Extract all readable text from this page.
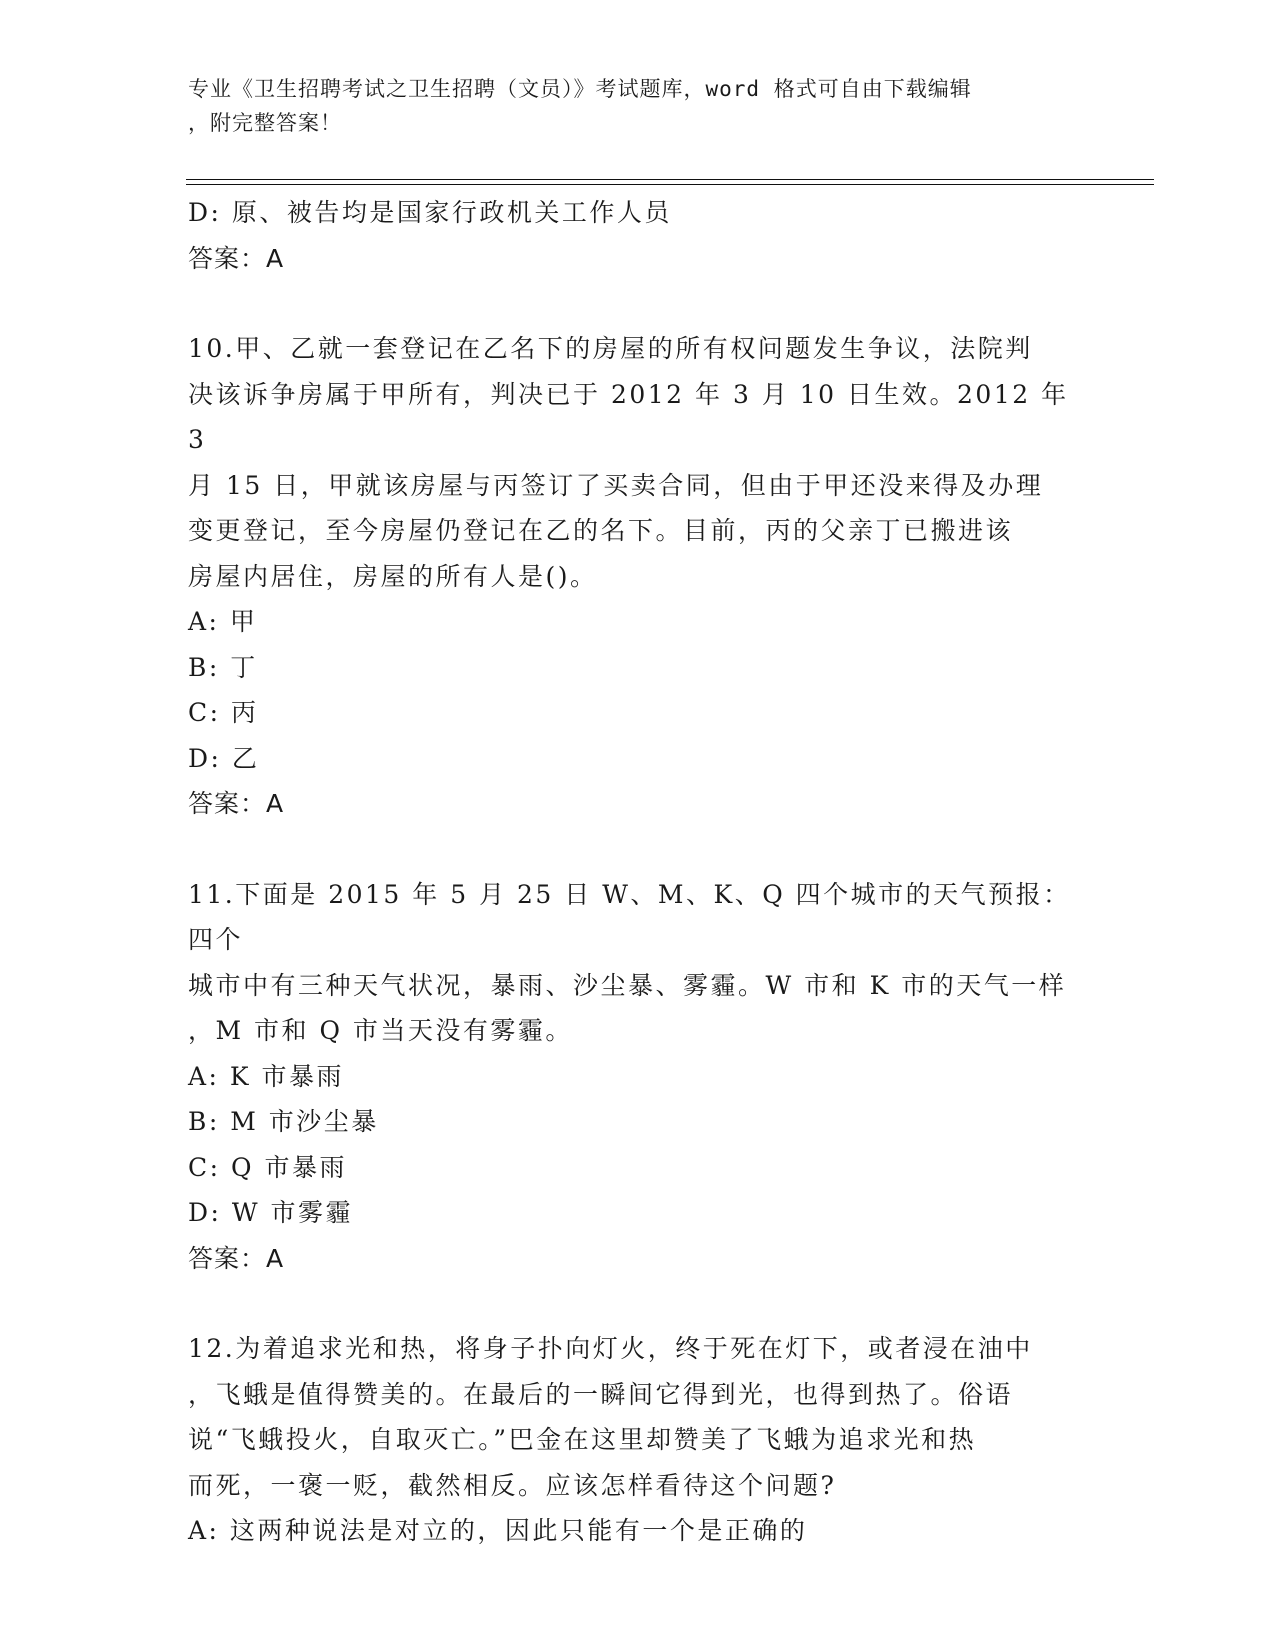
专业《卫生招聘考试之卫生招聘（文员）》考试题库，word 格式可自由下载编辑
，附完整答案！

D: 原、被告均是国家行政机关工作人员

答案：A

10.甲、乙就一套登记在乙名下的房屋的所有权问题发生争议，法院判

决该诉争房属于甲所有，判决已于 2012 年 3 月 10 日生效。2012 年 3

月 15 日，甲就该房屋与丙签订了买卖合同，但由于甲还没来得及办理

变更登记，至今房屋仍登记在乙的名下。目前，丙的父亲丁已搬进该

房屋内居住，房屋的所有人是()。

A: 甲

B: 丁

C: 丙

D: 乙

答案：A

11.下面是 2015 年 5 月 25 日 W、M、K、Q 四个城市的天气预报：四个

城市中有三种天气状况，暴雨、沙尘暴、雾霾。W 市和 K 市的天气一样

，M 市和 Q 市当天没有雾霾。

A: K 市暴雨

B: M 市沙尘暴

C: Q 市暴雨

D: W 市雾霾

答案：A

12.为着追求光和热，将身子扑向灯火，终于死在灯下，或者浸在油中

，飞蛾是值得赞美的。在最后的一瞬间它得到光，也得到热了。俗语

说“飞蛾投火，自取灭亡。”巴金在这里却赞美了飞蛾为追求光和热

而死，一褒一贬，截然相反。应该怎样看待这个问题?

A: 这两种说法是对立的，因此只能有一个是正确的
